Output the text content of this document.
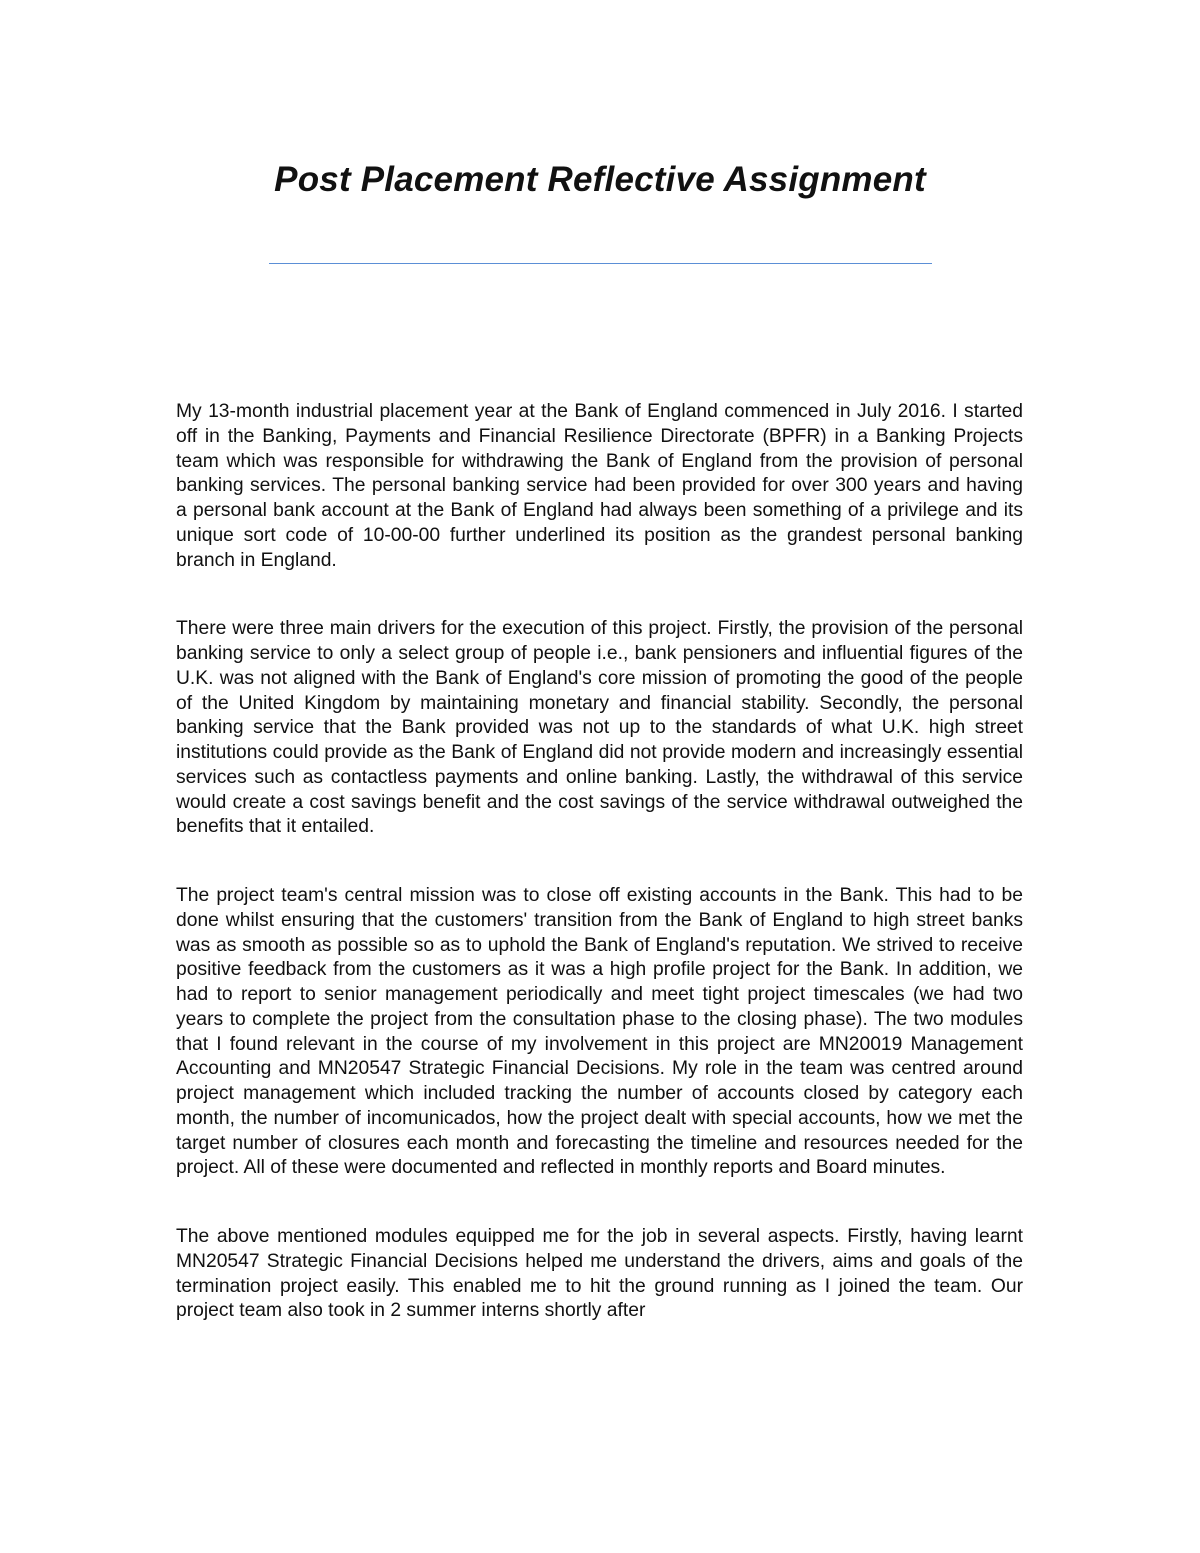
Post Placement Reflective Assignment

My 13-month industrial placement year at the Bank of England commenced in July 2016. I started off in the Banking, Payments and Financial Resilience Directorate (BPFR) in a Banking Projects team which was responsible for withdrawing the Bank of England from the provision of personal banking services. The personal banking service had been provided for over 300 years and having a personal bank account at the Bank of England had always been something of a privilege and its unique sort code of 10-00-00 further underlined its position as the grandest personal banking branch in England.

There were three main drivers for the execution of this project. Firstly, the provision of the personal banking service to only a select group of people i.e., bank pensioners and influential figures of the U.K. was not aligned with the Bank of England's core mission of promoting the good of the people of the United Kingdom by maintaining monetary and financial stability. Secondly, the personal banking service that the Bank provided was not up to the standards of what U.K. high street institutions could provide as the Bank of England did not provide modern and increasingly essential services such as contactless payments and online banking. Lastly, the withdrawal of this service would create a cost savings benefit and the cost savings of the service withdrawal outweighed the benefits that it entailed.

The project team's central mission was to close off existing accounts in the Bank. This had to be done whilst ensuring that the customers' transition from the Bank of England to high street banks was as smooth as possible so as to uphold the Bank of England's reputation. We strived to receive positive feedback from the customers as it was a high profile project for the Bank. In addition, we had to report to senior management periodically and meet tight project timescales (we had two years to complete the project from the consultation phase to the closing phase). The two modules that I found relevant in the course of my involvement in this project are MN20019 Management Accounting and MN20547 Strategic Financial Decisions. My role in the team was centred around project management which included tracking the number of accounts closed by category each month, the number of incomunicados, how the project dealt with special accounts, how we met the target number of closures each month and forecasting the timeline and resources needed for the project. All of these were documented and reflected in monthly reports and Board minutes.

The above mentioned modules equipped me for the job in several aspects. Firstly, having learnt MN20547 Strategic Financial Decisions helped me understand the drivers, aims and goals of the termination project easily. This enabled me to hit the ground running as I joined the team. Our project team also took in 2 summer interns shortly after
